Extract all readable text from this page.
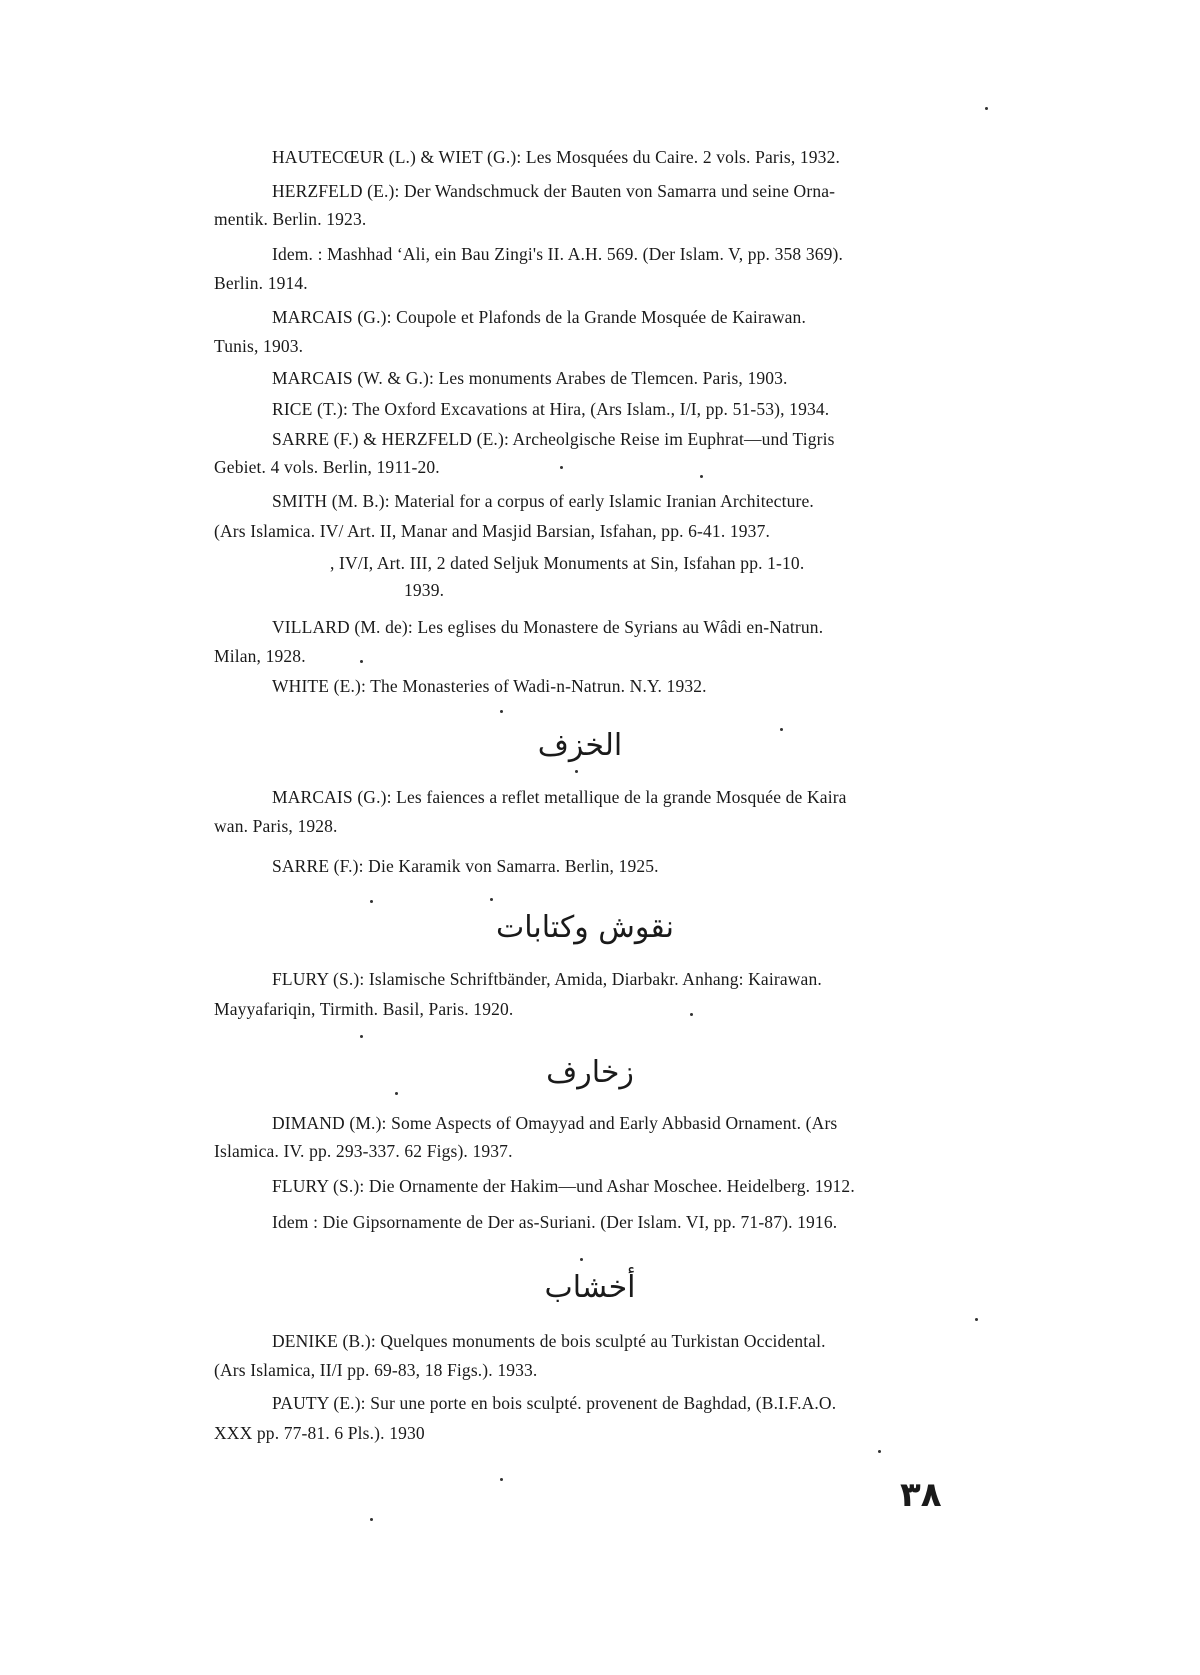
HAUTECŒUR (L.) & WIET (G.): Les Mosquées du Caire. 2 vols. Paris, 1932.
HERZFELD (E.): Der Wandschmuck der Bauten von Samarra und seine Orna-
mentik. Berlin. 1923.
Idem. : Mashhad ‘Ali, ein Bau Zingi's II. A.H. 569. (Der Islam. V, pp. 358 369).
Berlin. 1914.
MARCAIS (G.): Coupole et Plafonds de la Grande Mosquée de Kairawan.
Tunis, 1903.
MARCAIS (W. & G.): Les monuments Arabes de Tlemcen. Paris, 1903.
RICE (T.): The Oxford Excavations at Hira, (Ars Islam., I/I, pp. 51-53), 1934.
SARRE (F.) & HERZFELD (E.): Archeolgische Reise im Euphrat—und Tigris
Gebiet. 4 vols. Berlin, 1911-20.
SMITH (M. B.): Material for a corpus of early Islamic Iranian Architecture.
(Ars Islamica. IV/ Art. II, Manar and Masjid Barsian, Isfahan, pp. 6-41. 1937.
, IV/I, Art. III, 2 dated Seljuk Monuments at Sin, Isfahan pp. 1-10.
1939.
VILLARD (M. de): Les eglises du Monastere de Syrians au Wâdi en-Natrun.
Milan, 1928.
WHITE (E.): The Monasteries of Wadi-n-Natrun. N.Y. 1932.
الخزف
MARCAIS (G.): Les faiences a reflet metallique de la grande Mosquée de Kaira
wan. Paris, 1928.
SARRE (F.): Die Karamik von Samarra. Berlin, 1925.
نقوش وكتابات
FLURY (S.): Islamische Schriftbänder, Amida, Diarbakr. Anhang: Kairawan.
Mayyafariqin, Tirmith. Basil, Paris. 1920.
زخارف
DIMAND (M.): Some Aspects of Omayyad and Early Abbasid Ornament. (Ars
Islamica. IV. pp. 293-337. 62 Figs). 1937.
FLURY (S.): Die Ornamente der Hakim—und Ashar Moschee. Heidelberg. 1912.
Idem : Die Gipsornamente de Der as-Suriani. (Der Islam. VI, pp. 71-87). 1916.
أخشاب
DENIKE (B.): Quelques monuments de bois sculpté au Turkistan Occidental.
(Ars Islamica, II/I pp. 69-83, 18 Figs.). 1933.
PAUTY (E.): Sur une porte en bois sculpté. provenent de Baghdad, (B.I.F.A.O.
XXX pp. 77-81. 6 Pls.). 1930
٣٨
